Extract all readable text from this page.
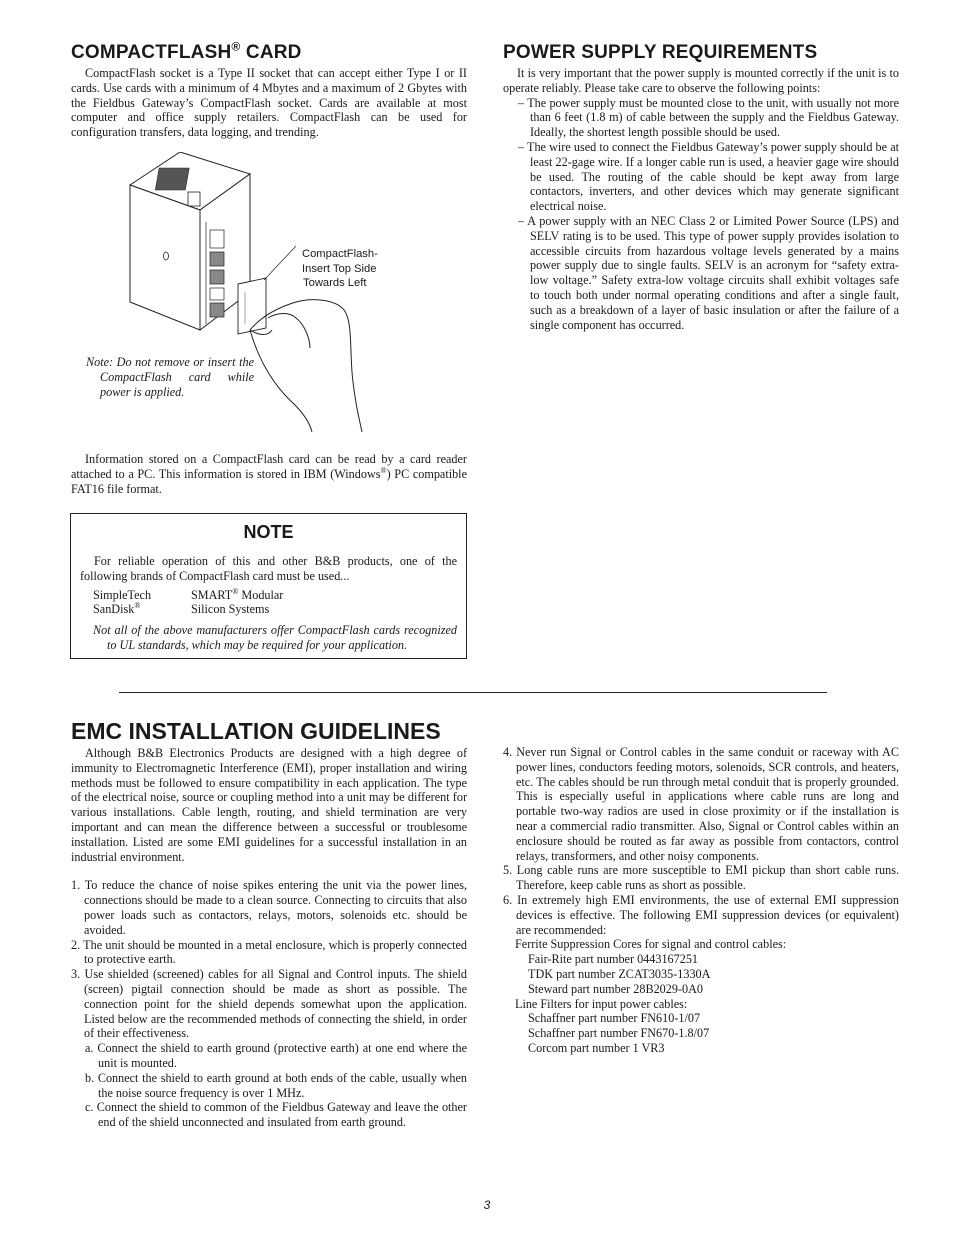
COMPACTFLASH® CARD

CompactFlash socket is a Type II socket that can accept either Type I or II cards. Use cards with a minimum of 4 Mbytes and a maximum of 2 Gbytes with the Fieldbus Gateway’s CompactFlash socket. Cards are available at most computer and office supply retailers. CompactFlash can be used for configuration transfers, data logging, and trending.

CompactFlash-
Insert Top Side
Towards Left

Note: Do not remove or insert the CompactFlash card while power is applied.

Information stored on a CompactFlash card can be read by a card reader attached to a PC. This information is stored in IBM (Windows®) PC compatible FAT16 file format.

NOTE

For reliable operation of this and other B&B products, one of the following brands of CompactFlash card must be used...

SimpleTech	SMART® Modular
SanDisk®	Silicon Systems

Not all of the above manufacturers offer CompactFlash cards recognized to UL standards, which may be required for your application.

POWER SUPPLY REQUIREMENTS

It is very important that the power supply is mounted correctly if the unit is to operate reliably. Please take care to observe the following points:

– The power supply must be mounted close to the unit, with usually not more than 6 feet (1.8 m) of cable between the supply and the Fieldbus Gateway. Ideally, the shortest length possible should be used.

– The wire used to connect the Fieldbus Gateway’s power supply should be at least 22-gage wire. If a longer cable run is used, a heavier gage wire should be used. The routing of the cable should be kept away from large contactors, inverters, and other devices which may generate significant electrical noise.

– A power supply with an NEC Class 2 or Limited Power Source (LPS) and SELV rating is to be used. This type of power supply provides isolation to accessible circuits from hazardous voltage levels generated by a mains power supply due to single faults. SELV is an acronym for “safety extra-low voltage.” Safety extra-low voltage circuits shall exhibit voltages safe to touch both under normal operating conditions and after a single fault, such as a breakdown of a layer of basic insulation or after the failure of a single component has occurred.

EMC INSTALLATION GUIDELINES

Although B&B Electronics Products are designed with a high degree of immunity to Electromagnetic Interference (EMI), proper installation and wiring methods must be followed to ensure compatibility in each application. The type of the electrical noise, source or coupling method into a unit may be different for various installations. Cable length, routing, and shield termination are very important and can mean the difference between a successful or troublesome installation. Listed are some EMI guidelines for a successful installation in an industrial environment.

1. To reduce the chance of noise spikes entering the unit via the power lines, connections should be made to a clean source. Connecting to circuits that also power loads such as contactors, relays, motors, solenoids etc. should be avoided.

2. The unit should be mounted in a metal enclosure, which is properly connected to protective earth.

3. Use shielded (screened) cables for all Signal and Control inputs. The shield (screen) pigtail connection should be made as short as possible. The connection point for the shield depends somewhat upon the application. Listed below are the recommended methods of connecting the shield, in order of their effectiveness.

a. Connect the shield to earth ground (protective earth) at one end where the unit is mounted.

b. Connect the shield to earth ground at both ends of the cable, usually when the noise source frequency is over 1 MHz.

c. Connect the shield to common of the Fieldbus Gateway and leave the other end of the shield unconnected and insulated from earth ground.

4. Never run Signal or Control cables in the same conduit or raceway with AC power lines, conductors feeding motors, solenoids, SCR controls, and heaters, etc. The cables should be run through metal conduit that is properly grounded. This is especially useful in applications where cable runs are long and portable two-way radios are used in close proximity or if the installation is near a commercial radio transmitter. Also, Signal or Control cables within an enclosure should be routed as far away as possible from contactors, control relays, transformers, and other noisy components.

5. Long cable runs are more susceptible to EMI pickup than short cable runs. Therefore, keep cable runs as short as possible.

6. In extremely high EMI environments, the use of external EMI suppression devices is effective. The following EMI suppression devices (or equivalent) are recommended:

Ferrite Suppression Cores for signal and control cables:

Fair-Rite part number 0443167251

TDK part number ZCAT3035-1330A

Steward part number 28B2029-0A0

Line Filters for input power cables:

Schaffner part number FN610-1/07

Schaffner part number FN670-1.8/07

Corcom part number 1 VR3

3
